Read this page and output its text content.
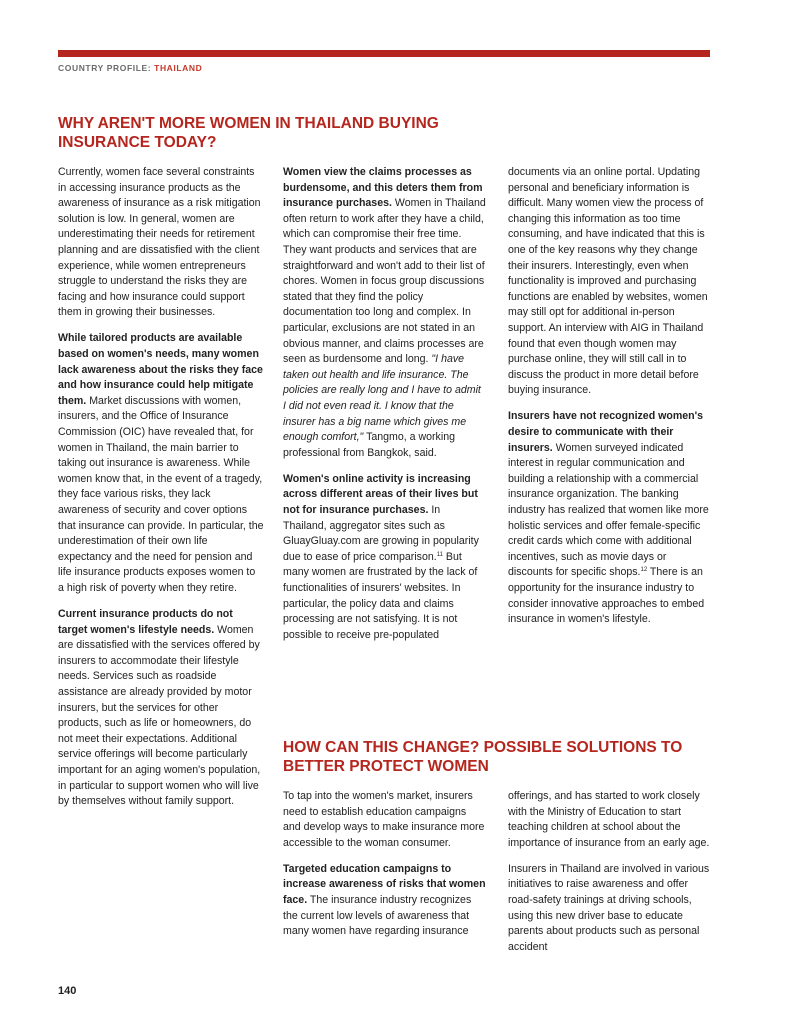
COUNTRY PROFILE: THAILAND
WHY AREN'T MORE WOMEN IN THAILAND BUYING INSURANCE TODAY?

Currently, women face several constraints in accessing insurance products as the awareness of insurance as a risk mitigation solution is low. In general, women are underestimating their needs for retirement planning and are dissatisfied with the client experience, while women entrepreneurs struggle to understand the risks they are facing and how insurance could support them in growing their businesses.

While tailored products are available based on women's needs, many women lack awareness about the risks they face and how insurance could help mitigate them. Market discussions with women, insurers, and the Office of Insurance Commission (OIC) have revealed that, for women in Thailand, the main barrier to taking out insurance is awareness. While women know that, in the event of a tragedy, they face various risks, they lack awareness of security and cover options that insurance can provide. In particular, the underestimation of their own life expectancy and the need for pension and life insurance products exposes women to a high risk of poverty when they retire.

Current insurance products do not target women's lifestyle needs. Women are dissatisfied with the services offered by insurers to accommodate their lifestyle needs. Services such as roadside assistance are already provided by motor insurers, but the services for other products, such as life or homeowners, do not meet their expectations. Additional service offerings will become particularly important for an aging women's population, in particular to support women who will live by themselves without family support.

Women view the claims processes as burdensome, and this deters them from insurance purchases. Women in Thailand often return to work after they have a child, which can compromise their free time. They want products and services that are straightforward and won't add to their list of chores. Women in focus group discussions stated that they find the policy documentation too long and complex. In particular, exclusions are not stated in an obvious manner, and claims processes are seen as burdensome and long. "I have taken out health and life insurance. The policies are really long and I have to admit I did not even read it. I know that the insurer has a big name which gives me enough comfort," Tangmo, a working professional from Bangkok, said.

Women's online activity is increasing across different areas of their lives but not for insurance purchases. In Thailand, aggregator sites such as GluayGluay.com are growing in popularity due to ease of price comparison.$^{11}$ But many women are frustrated by the lack of functionalities of insurers' websites. In particular, the policy data and claims processing are not satisfying. It is not possible to receive pre-populated

documents via an online portal. Updating personal and beneficiary information is difficult. Many women view the process of changing this information as too time consuming, and have indicated that this is one of the key reasons why they change their insurers. Interestingly, even when functionality is improved and purchasing functions are enabled by websites, women may still opt for additional in-person support. An interview with AIG in Thailand found that even though women may purchase online, they will still call in to discuss the product in more detail before buying insurance.

Insurers have not recognized women's desire to communicate with their insurers. Women surveyed indicated interest in regular communication and building a relationship with a commercial insurance organization. The banking industry has realized that women like more holistic services and offer female-specific credit cards which come with additional incentives, such as movie days or discounts for specific shops.$^{12}$ There is an opportunity for the insurance industry to consider innovative approaches to embed insurance in women's lifestyle.

HOW CAN THIS CHANGE? POSSIBLE SOLUTIONS TO BETTER PROTECT WOMEN

To tap into the women's market, insurers need to establish education campaigns and develop ways to make insurance more accessible to the woman consumer.

Targeted education campaigns to increase awareness of risks that women face. The insurance industry recognizes the current low levels of awareness that many women have regarding insurance

offerings, and has started to work closely with the Ministry of Education to start teaching children at school about the importance of insurance from an early age.

Insurers in Thailand are involved in various initiatives to raise awareness and offer road-safety trainings at driving schools, using this new driver base to educate parents about products such as personal accident

140
